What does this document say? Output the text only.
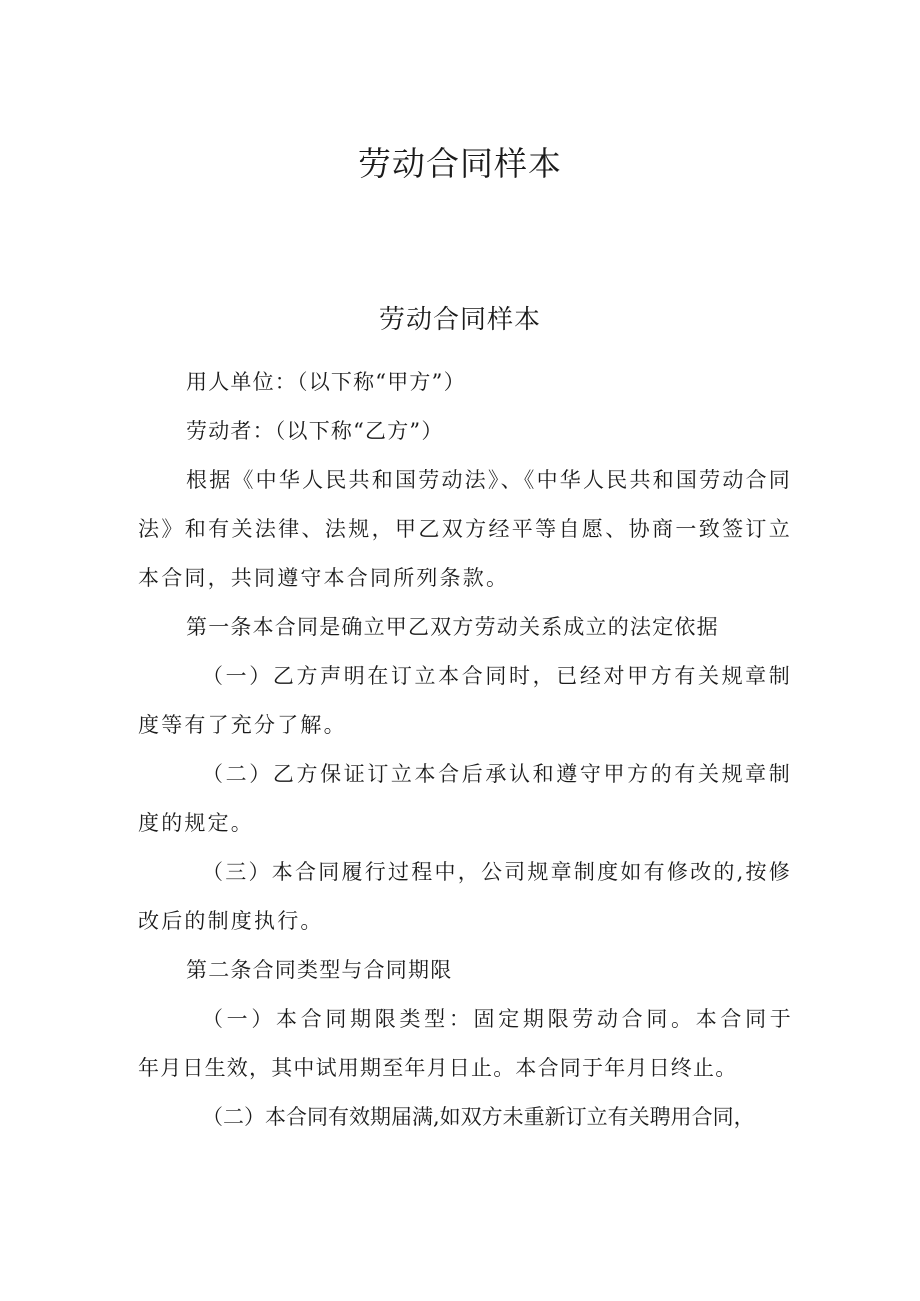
劳动合同样本
劳动合同样本

用人单位：（以下称“甲方”）

劳动者：（以下称“乙方”）

根据《中华人民共和国劳动法》、《中华人民共和国劳动合同法》和有关法律、法规，甲乙双方经平等自愿、协商一致签订立本合同，共同遵守本合同所列条款。

第一条本合同是确立甲乙双方劳动关系成立的法定依据

（一）乙方声明在订立本合同时，已经对甲方有关规章制度等有了充分了解。

（二）乙方保证订立本合后承认和遵守甲方的有关规章制度的规定。

（三）本合同履行过程中，公司规章制度如有修改的,按修改后的制度执行。

第二条合同类型与合同期限

（一）本合同期限类型：固定期限劳动合同。本合同于　　年月日生效，其中试用期至年月日止。本合同于年月日终止。

（二）本合同有效期届满,如双方未重新订立有关聘用合同，
